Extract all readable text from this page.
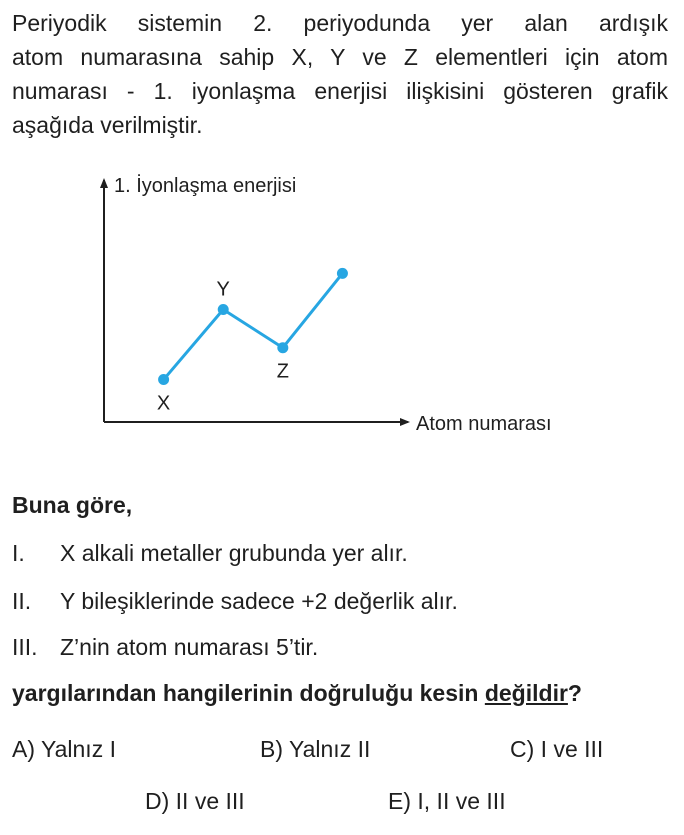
Periyodik sistemin 2. periyodunda yer alan ardışık
atom numarasına sahip X, Y ve Z elementleri için atom
numarası - 1. iyonlaşma enerjisi ilişkisini gösteren grafik
aşağıda verilmiştir.
1. İyonlaşma enerjisi
Atom numarası
X
Y
Z

Buna göre,

I. X alkali metaller grubunda yer alır.

II. Y bileşiklerinde sadece +2 değerlik alır.

III. Z’nin atom numarası 5’tir.

yargılarından hangilerinin doğruluğu kesin değildir?

A) Yalnız I	B) Yalnız II	C) I ve III

D) II ve III	E) I, II ve III
